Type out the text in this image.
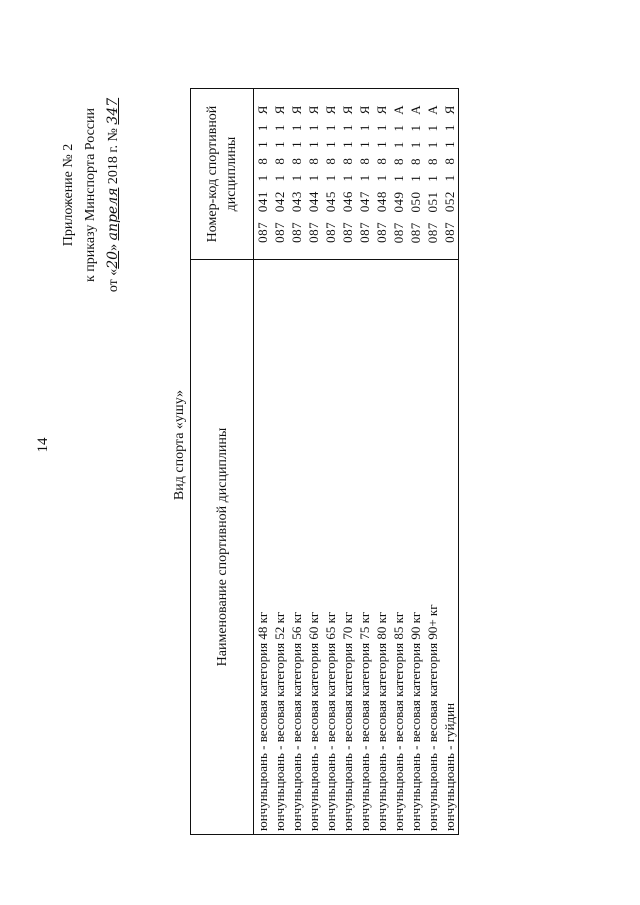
14
Приложение № 2 к приказу Минспорта России от «20» апреля 2018 г. № 347
Вид спорта «ушу» Наименование спортивной дисциплины	Номер-код спортивной дисциплины
юнчуньцюань - весовая категория 48 кг	087 041 1 8 1 1 Я
юнчуньцюань - весовая категория 52 кг	087 042 1 8 1 1 Я
юнчуньцюань - весовая категория 56 кг	087 043 1 8 1 1 Я
юнчуньцюань - весовая категория 60 кг	087 044 1 8 1 1 Я
юнчуньцюань - весовая категория 65 кг	087 045 1 8 1 1 Я
юнчуньцюань - весовая категория 70 кг	087 046 1 8 1 1 Я
юнчуньцюань - весовая категория 75 кг	087 047 1 8 1 1 Я
юнчуньцюань - весовая категория 80 кг	087 048 1 8 1 1 Я
юнчуньцюань - весовая категория 85 кг	087 049 1 8 1 1 А
юнчуньцюань - весовая категория 90 кг	087 050 1 8 1 1 А
юнчуньцюань - весовая категория 90+ кг	087 051 1 8 1 1 А
юнчуньцюань - гуйдин	087 052 1 8 1 1 Я
